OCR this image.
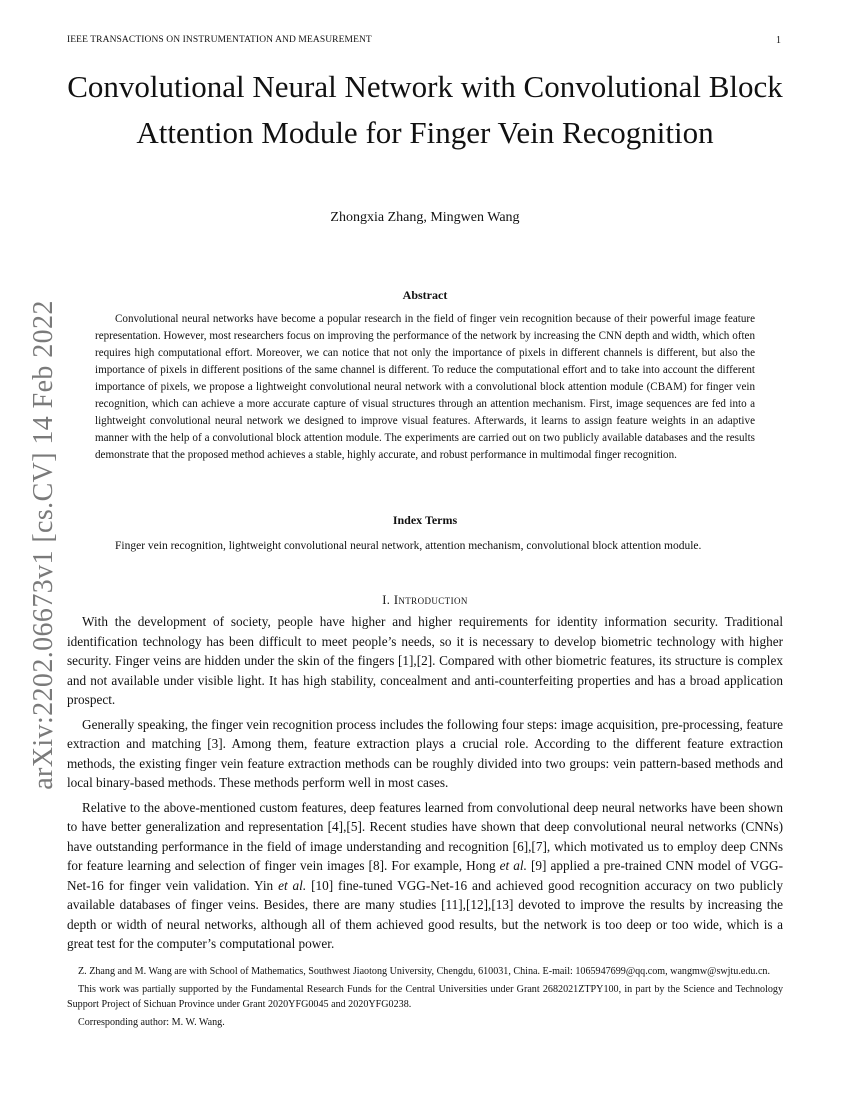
IEEE TRANSACTIONS ON INSTRUMENTATION AND MEASUREMENT	1
arXiv:2202.06673v1 [cs.CV] 14 Feb 2022
Convolutional Neural Network with Convolutional Block Attention Module for Finger Vein Recognition
Zhongxia Zhang, Mingwen Wang
Abstract

Convolutional neural networks have become a popular research in the field of finger vein recognition because of their powerful image feature representation. However, most researchers focus on improving the performance of the network by increasing the CNN depth and width, which often requires high computational effort. Moreover, we can notice that not only the importance of pixels in different channels is different, but also the importance of pixels in different positions of the same channel is different. To reduce the computational effort and to take into account the different importance of pixels, we propose a lightweight convolutional neural network with a convolutional block attention module (CBAM) for finger vein recognition, which can achieve a more accurate capture of visual structures through an attention mechanism. First, image sequences are fed into a lightweight convolutional neural network we designed to improve visual features. Afterwards, it learns to assign feature weights in an adaptive manner with the help of a convolutional block attention module. The experiments are carried out on two publicly available databases and the results demonstrate that the proposed method achieves a stable, highly accurate, and robust performance in multimodal finger recognition.

Index Terms

Finger vein recognition, lightweight convolutional neural network, attention mechanism, convolutional block attention module.

I. Introduction

With the development of society, people have higher and higher requirements for identity information security. Traditional identification technology has been difficult to meet people’s needs, so it is necessary to develop biometric technology with higher security. Finger veins are hidden under the skin of the fingers [1],[2]. Compared with other biometric features, its structure is complex and not available under visible light. It has high stability, concealment and anti-counterfeiting properties and has a broad application prospect.

Generally speaking, the finger vein recognition process includes the following four steps: image acquisition, pre-processing, feature extraction and matching [3]. Among them, feature extraction plays a crucial role. According to the different feature extraction methods, the existing finger vein feature extraction methods can be roughly divided into two groups: vein pattern-based methods and local binary-based methods. These methods perform well in most cases.

Relative to the above-mentioned custom features, deep features learned from convolutional deep neural networks have been shown to have better generalization and representation [4],[5]. Recent studies have shown that deep convolutional neural networks (CNNs) have outstanding performance in the field of image understanding and recognition [6],[7], which motivated us to employ deep CNNs for feature learning and selection of finger vein images [8]. For example, Hong et al. [9] applied a pre-trained CNN model of VGG-Net-16 for finger vein validation. Yin et al. [10] fine-tuned VGG-Net-16 and achieved good recognition accuracy on two publicly available databases of finger veins. Besides, there are many studies [11],[12],[13] devoted to improve the results by increasing the depth or width of neural networks, although all of them achieved good results, but the network is too deep or too wide, which is a great test for the computer’s computational power.

Z. Zhang and M. Wang are with School of Mathematics, Southwest Jiaotong University, Chengdu, 610031, China. E-mail: 1065947699@qq.com, wangmw@swjtu.edu.cn.

This work was partially supported by the Fundamental Research Funds for the Central Universities under Grant 2682021ZTPY100, in part by the Science and Technology Support Project of Sichuan Province under Grant 2020YFG0045 and 2020YFG0238.

Corresponding author: M. W. Wang.
